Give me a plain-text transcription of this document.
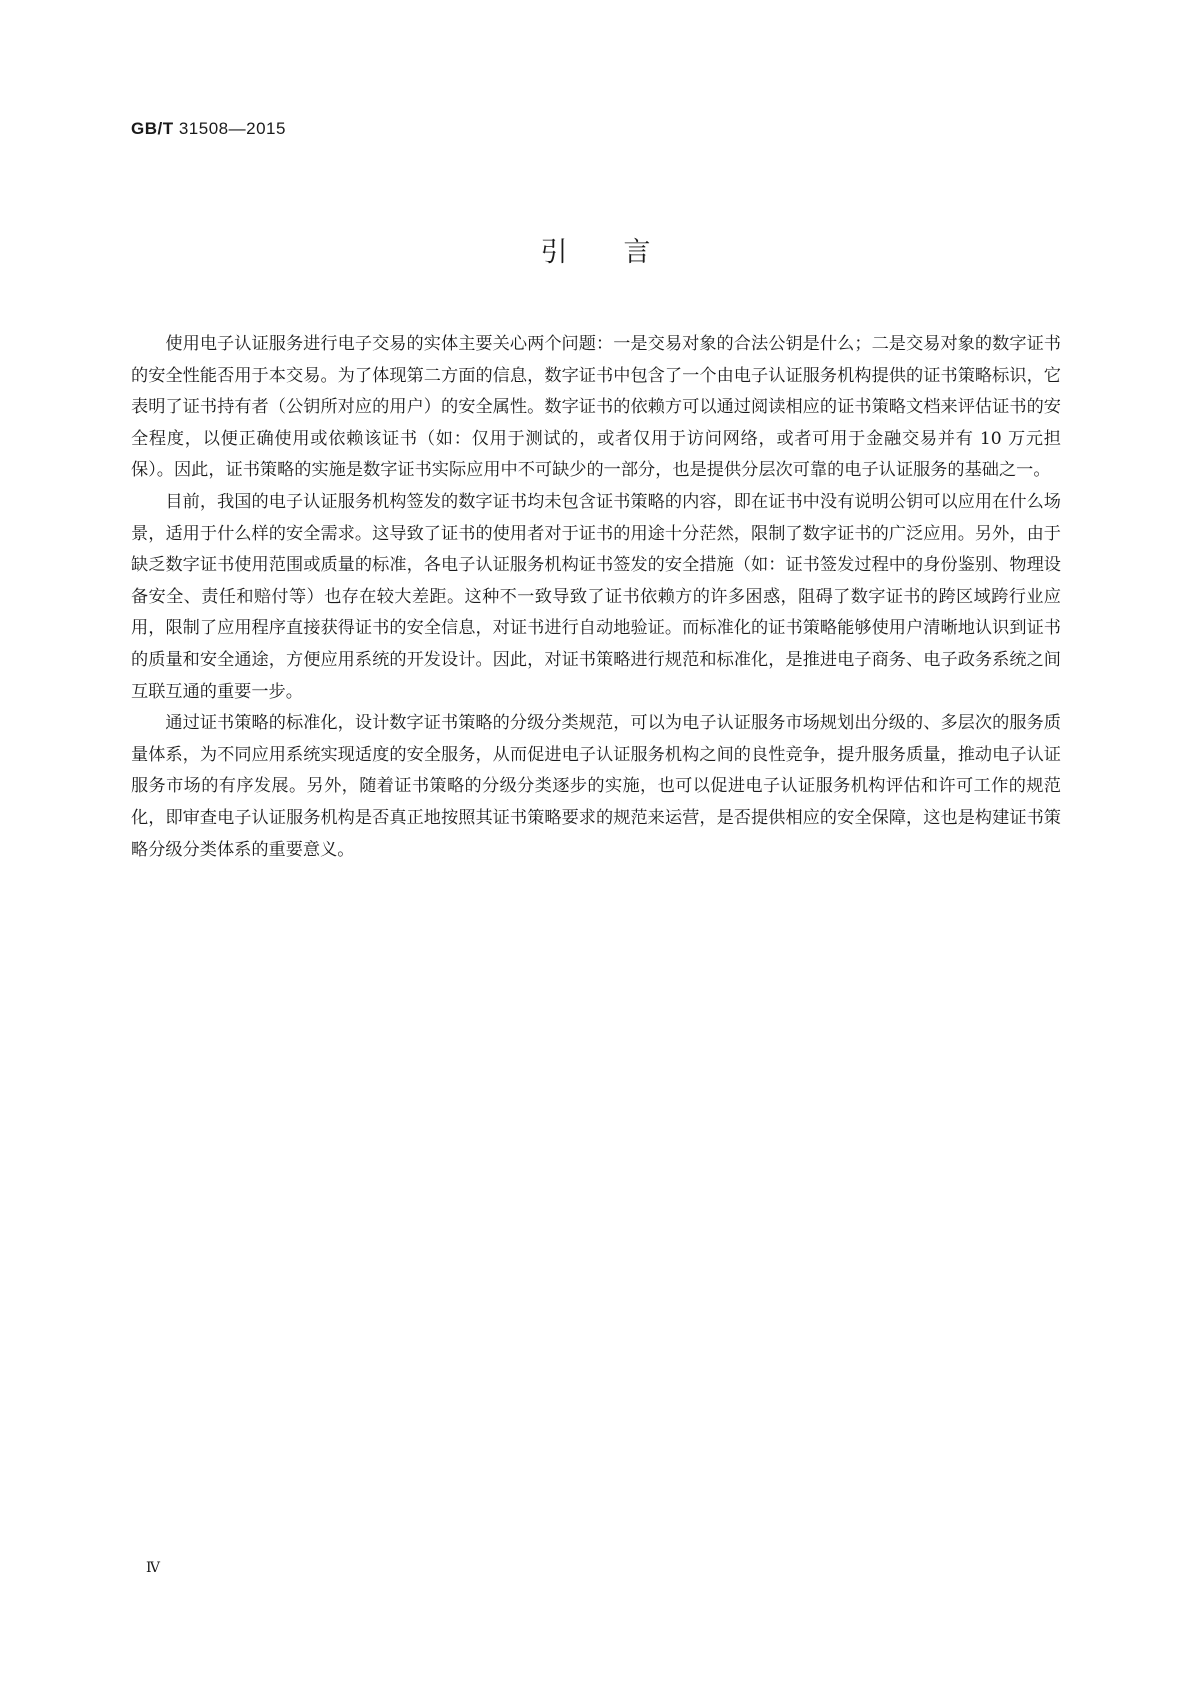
GB/T 31508—2015
引言

使用电子认证服务进行电子交易的实体主要关心两个问题：一是交易对象的合法公钥是什么；二是交易对象的数字证书的安全性能否用于本交易。为了体现第二方面的信息，数字证书中包含了一个由电子认证服务机构提供的证书策略标识，它表明了证书持有者（公钥所对应的用户）的安全属性。数字证书的依赖方可以通过阅读相应的证书策略文档来评估证书的安全程度，以便正确使用或依赖该证书（如：仅用于测试的，或者仅用于访问网络，或者可用于金融交易并有 10 万元担保）。因此，证书策略的实施是数字证书实际应用中不可缺少的一部分，也是提供分层次可靠的电子认证服务的基础之一。

目前，我国的电子认证服务机构签发的数字证书均未包含证书策略的内容，即在证书中没有说明公钥可以应用在什么场景，适用于什么样的安全需求。这导致了证书的使用者对于证书的用途十分茫然，限制了数字证书的广泛应用。另外，由于缺乏数字证书使用范围或质量的标准，各电子认证服务机构证书签发的安全措施（如：证书签发过程中的身份鉴别、物理设备安全、责任和赔付等）也存在较大差距。这种不一致导致了证书依赖方的许多困惑，阻碍了数字证书的跨区域跨行业应用，限制了应用程序直接获得证书的安全信息，对证书进行自动地验证。而标准化的证书策略能够使用户清晰地认识到证书的质量和安全通途，方便应用系统的开发设计。因此，对证书策略进行规范和标准化，是推进电子商务、电子政务系统之间互联互通的重要一步。

通过证书策略的标准化，设计数字证书策略的分级分类规范，可以为电子认证服务市场规划出分级的、多层次的服务质量体系，为不同应用系统实现适度的安全服务，从而促进电子认证服务机构之间的良性竞争，提升服务质量，推动电子认证服务市场的有序发展。另外，随着证书策略的分级分类逐步的实施，也可以促进电子认证服务机构评估和许可工作的规范化，即审查电子认证服务机构是否真正地按照其证书策略要求的规范来运营，是否提供相应的安全保障，这也是构建证书策略分级分类体系的重要意义。

Ⅳ
